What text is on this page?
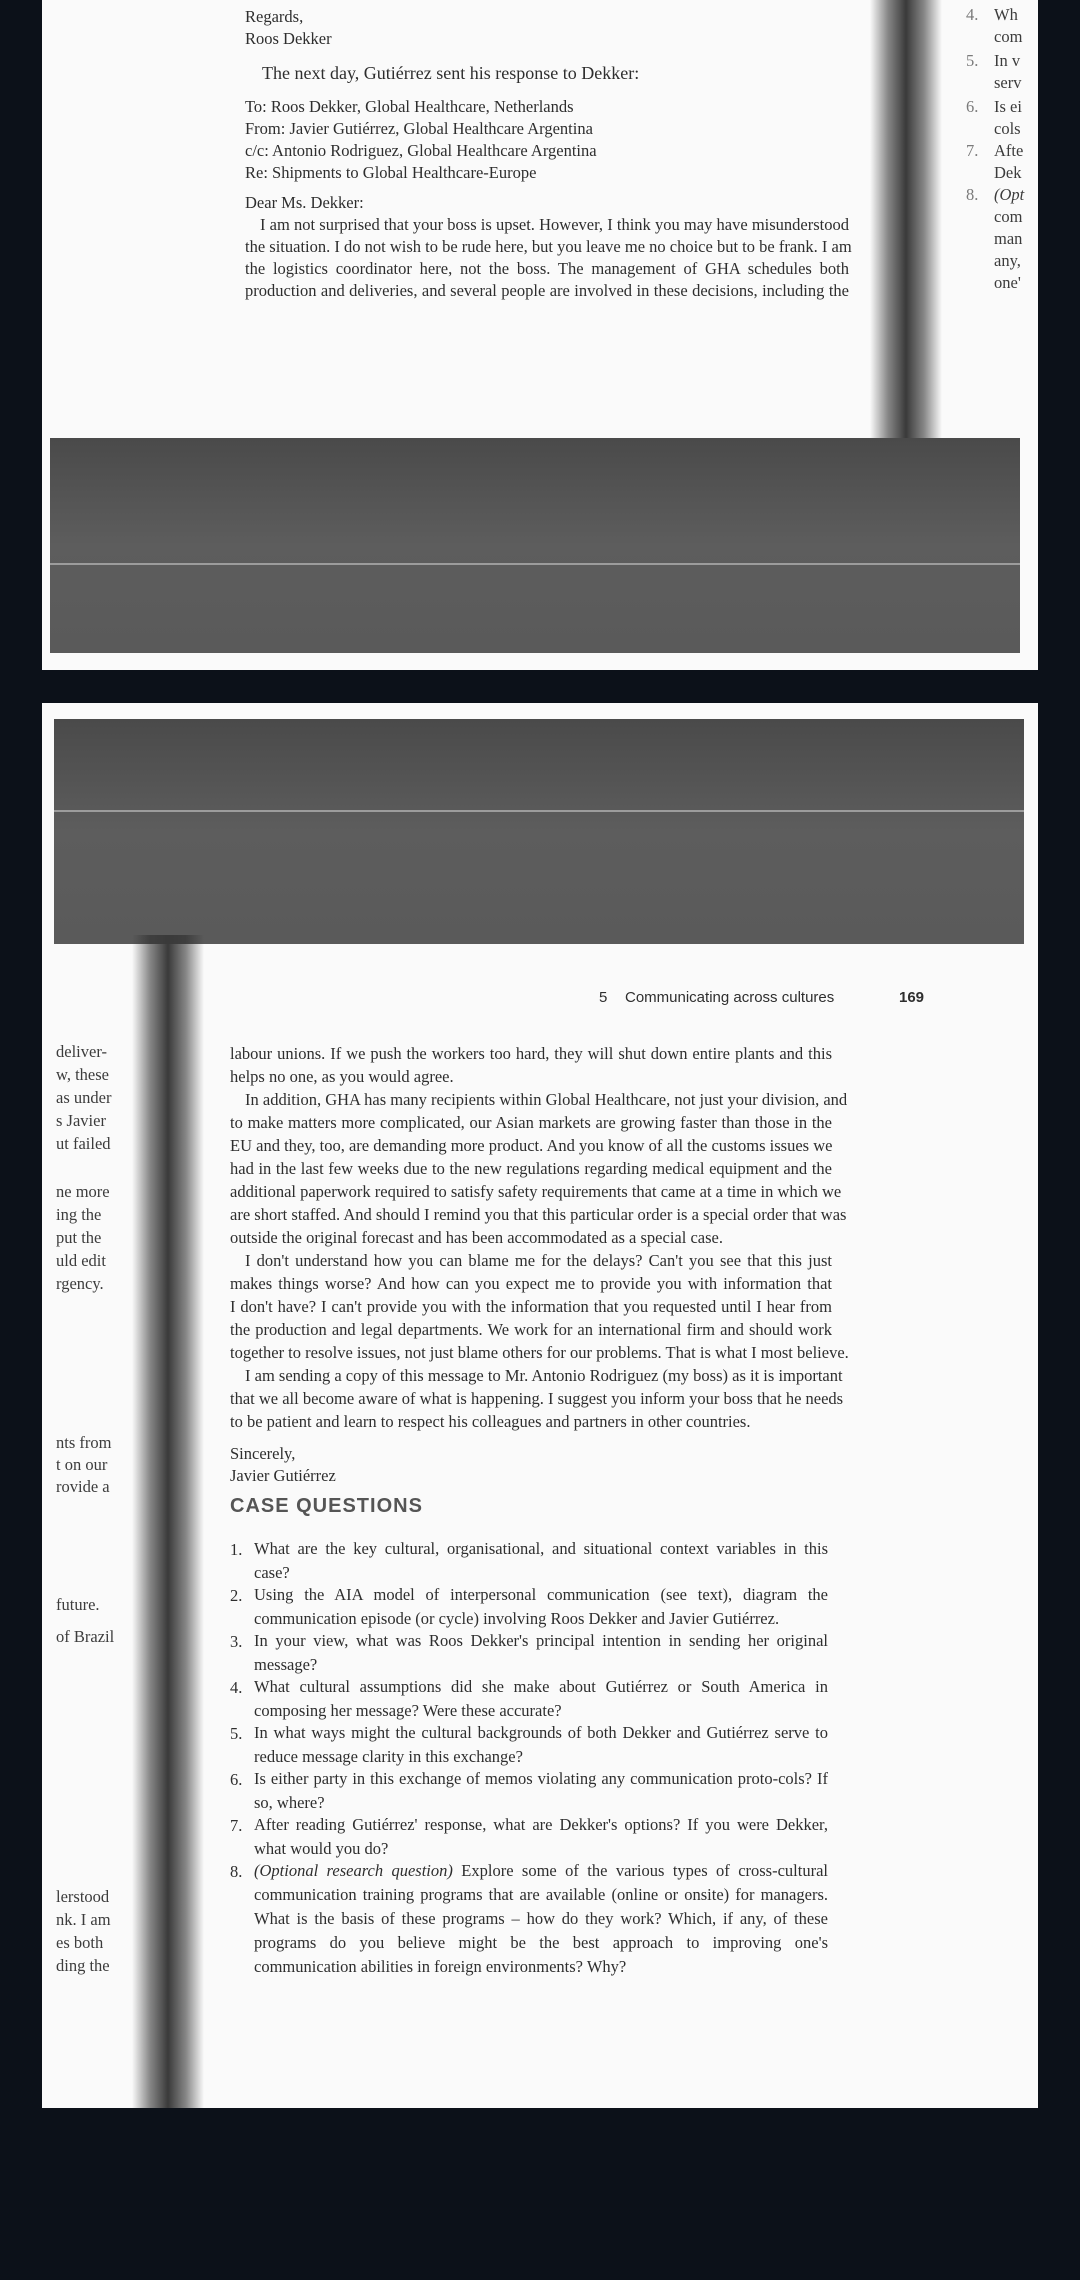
Regards,
Roos Dekker
The next day, Gutiérrez sent his response to Dekker:
To: Roos Dekker, Global Healthcare, Netherlands
From: Javier Gutiérrez, Global Healthcare Argentina
c/c: Antonio Rodriguez, Global Healthcare Argentina
Re: Shipments to Global Healthcare-Europe
Dear Ms. Dekker:
I am not surprised that your boss is upset. However, I think you may have misunderstood
the situation. I do not wish to be rude here, but you leave me no choice but to be frank. I am
the logistics coordinator here, not the boss. The management of GHA schedules both
production and deliveries, and several people are involved in these decisions, including the
4. Wh
com
5. In v
serv
6. Is ei
cols
7. Afte
Dek
8. (Opt
com
man
any,
one'
5 Communicating across cultures	169
deliver-
w, these
as under
s Javier
ut failed
ne more
ing the
put the
uld edit
rgency.
nts from
t on our
rovide a
future.
of Brazil
lerstood
nk. I am
es both
ding the
labour unions. If we push the workers too hard, they will shut down entire plants and this
helps no one, as you would agree.
In addition, GHA has many recipients within Global Healthcare, not just your division, and
to make matters more complicated, our Asian markets are growing faster than those in the
EU and they, too, are demanding more product. And you know of all the customs issues we
had in the last few weeks due to the new regulations regarding medical equipment and the
additional paperwork required to satisfy safety requirements that came at a time in which we
are short staffed. And should I remind you that this particular order is a special order that was
outside the original forecast and has been accommodated as a special case.
I don't understand how you can blame me for the delays? Can't you see that this just
makes things worse? And how can you expect me to provide you with information that
I don't have? I can't provide you with the information that you requested until I hear from
the production and legal departments. We work for an international firm and should work
together to resolve issues, not just blame others for our problems. That is what I most believe.
I am sending a copy of this message to Mr. Antonio Rodriguez (my boss) as it is important
that we all become aware of what is happening. I suggest you inform your boss that he needs
to be patient and learn to respect his colleagues and partners in other countries.
Sincerely,
Javier Gutiérrez
CASE QUESTIONS
1. What are the key cultural, organisational, and situational context variables in this case?
2. Using the AIA model of interpersonal communication (see text), diagram the communication episode (or cycle) involving Roos Dekker and Javier Gutiérrez.
3. In your view, what was Roos Dekker's principal intention in sending her original message?
4. What cultural assumptions did she make about Gutiérrez or South America in composing her message? Were these accurate?
5. In what ways might the cultural backgrounds of both Dekker and Gutiérrez serve to reduce message clarity in this exchange?
6. Is either party in this exchange of memos violating any communication proto-cols? If so, where?
7. After reading Gutiérrez' response, what are Dekker's options? If you were Dekker, what would you do?
8. (Optional research question) Explore some of the various types of cross-cultural communication training programs that are available (online or onsite) for managers. What is the basis of these programs – how do they work? Which, if any, of these programs do you believe might be the best approach to improving one's communication abilities in foreign environments? Why?
